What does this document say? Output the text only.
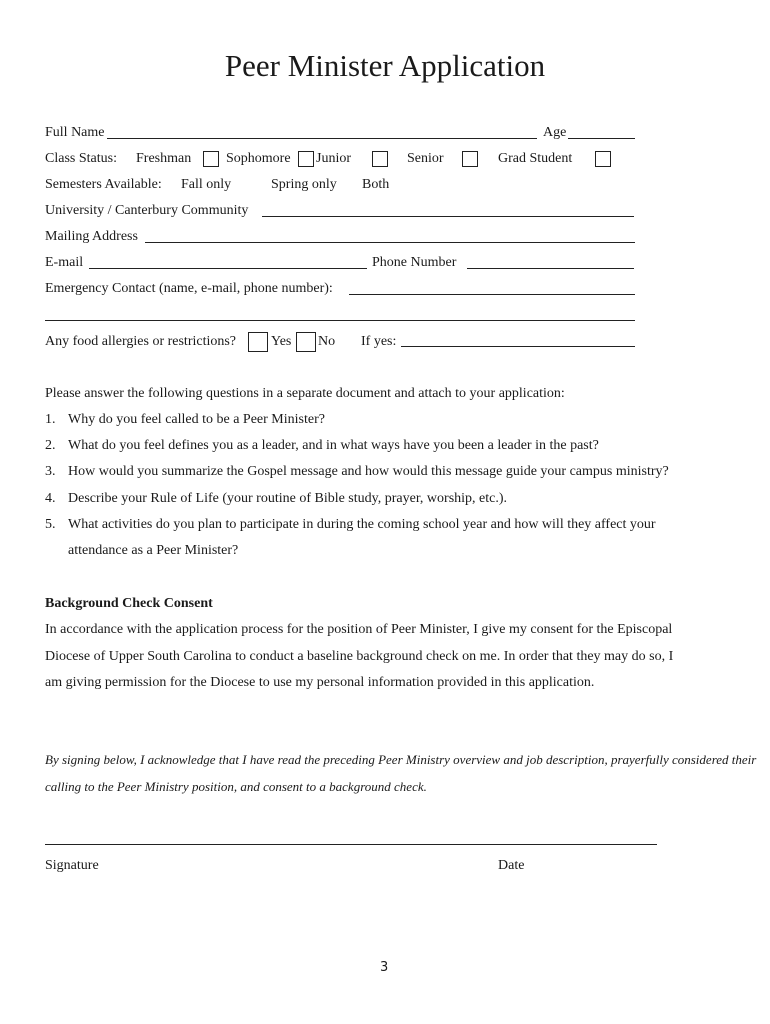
Peer Minister Application
Full Name	Age
Class Status: Freshman Sophomore Junior	Senior	Grad Student
Semesters Available: Fall only	Spring only Both
University / Canterbury Community
Mailing Address
E-mail	Phone Number
Emergency Contact (name, e-mail, phone number):
Any food allergies or restrictions? Yes No If yes:
Please answer the following questions in a separate document and attach to your application:
1. Why do you feel called to be a Peer Minister?
2. What do you feel defines you as a leader, and in what ways have you been a leader in the past?
3. How would you summarize the Gospel message and how would this message guide your campus ministry?
4. Describe your Rule of Life (your routine of Bible study, prayer, worship, etc.).
5. What activities do you plan to participate in during the coming school year and how will they affect your
attendance as a Peer Minister?
Background Check Consent
In accordance with the application process for the position of Peer Minister, I give my consent for the Episcopal
Diocese of Upper South Carolina to conduct a baseline background check on me. In order that they may do so, I
am giving permission for the Diocese to use my personal information provided in this application.
By signing below, I acknowledge that I have read the preceding Peer Ministry overview and job description, prayerfully considered their
calling to the Peer Ministry position, and consent to a background check.
Signature	Date
3
